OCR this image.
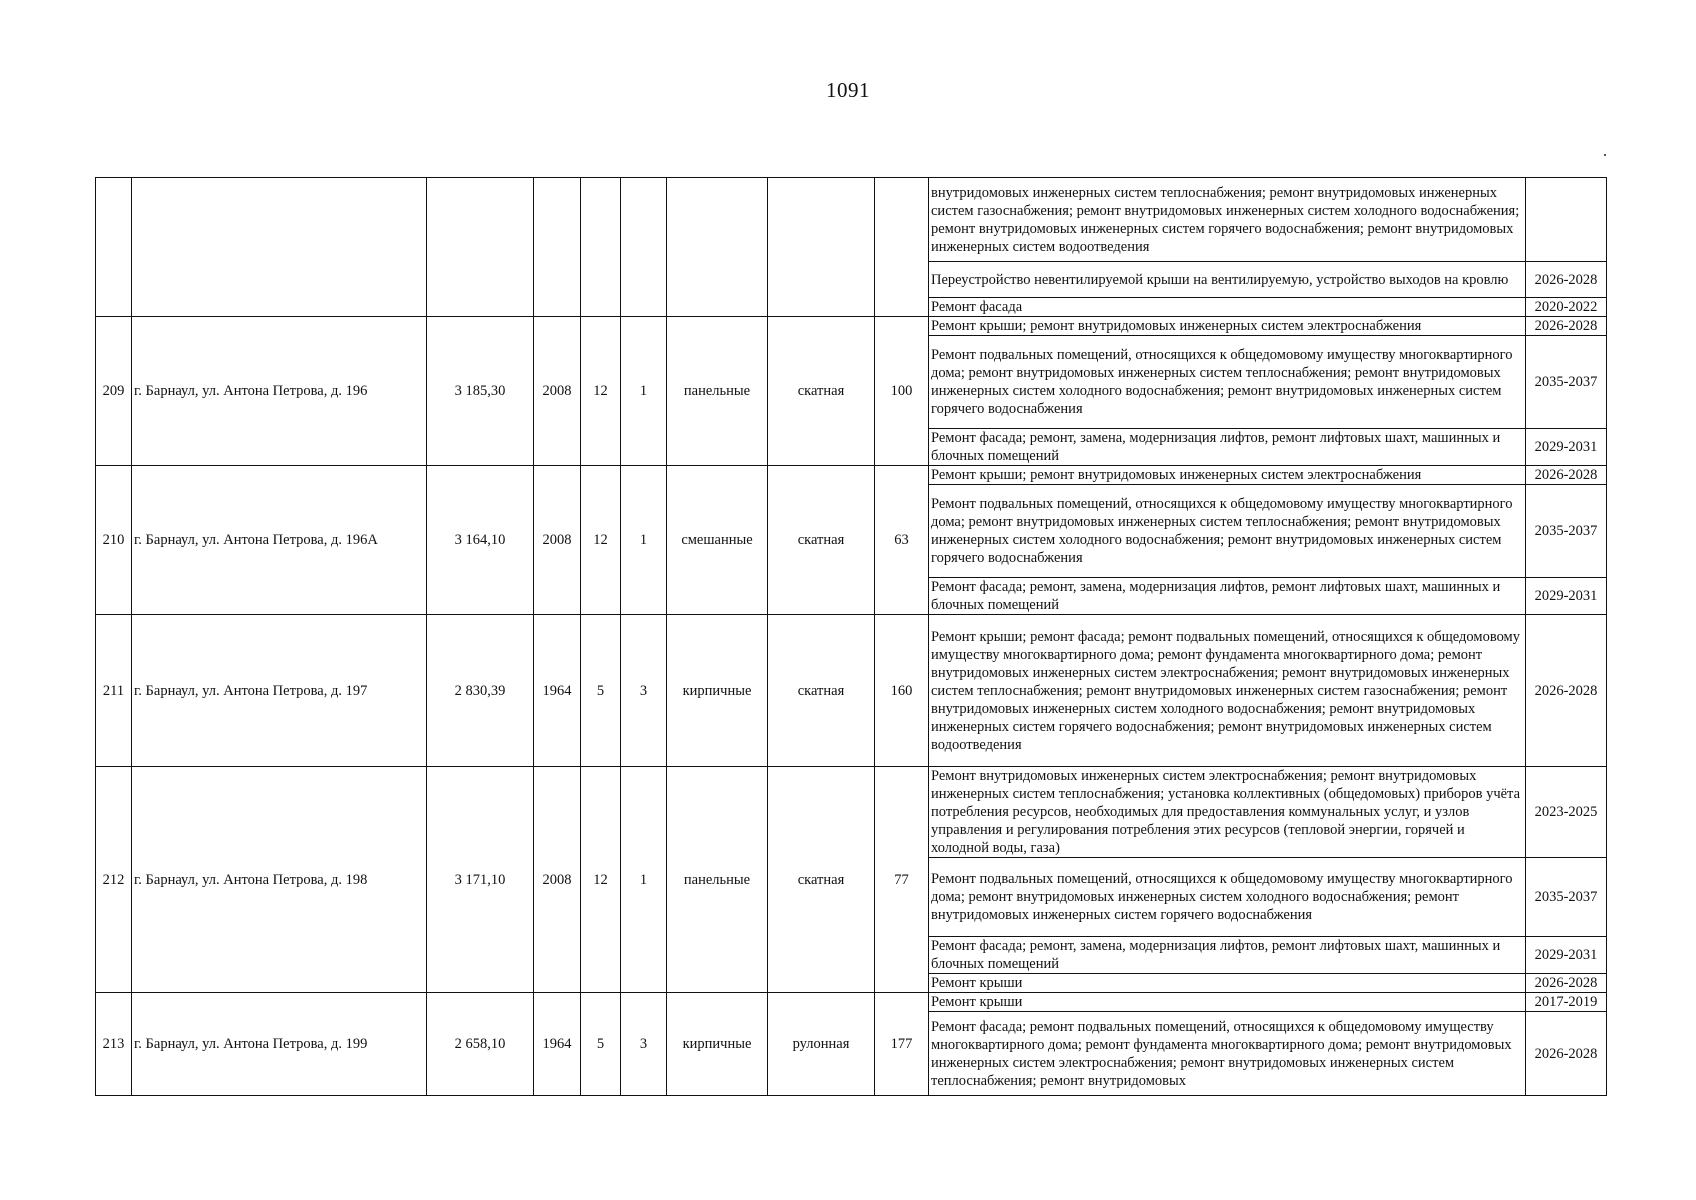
1091
									внутридомовых инженерных систем теплоснабжения; ремонт внутридомовых инженерных систем газоснабжения; ремонт внутридомовых инженерных систем холодного водоснабжения; ремонт внутридомовых инженерных систем горячего водоснабжения; ремонт внутридомовых инженерных систем водоотведения	
									Переустройство невентилируемой крыши на вентилируемую, устройство выходов на кровлю	2026-2028
									Ремонт фасада	2020-2022
209	г. Барнаул, ул. Антона Петрова, д. 196	3 185,30	2008	12	1	панельные	скатная	100	Ремонт крыши; ремонт внутридомовых инженерных систем электроснабжения	2026-2028
									Ремонт подвальных помещений, относящихся к общедомовому имуществу многоквартирного дома; ремонт внутридомовых инженерных систем теплоснабжения; ремонт внутридомовых инженерных систем холодного водоснабжения; ремонт внутридомовых инженерных систем горячего водоснабжения	2035-2037
									Ремонт фасада; ремонт, замена, модернизация лифтов, ремонт лифтовых шахт, машинных и блочных помещений	2029-2031
210	г. Барнаул, ул. Антона Петрова, д. 196А	3 164,10	2008	12	1	смешанные	скатная	63	Ремонт крыши; ремонт внутридомовых инженерных систем электроснабжения	2026-2028
									Ремонт подвальных помещений, относящихся к общедомовому имуществу многоквартирного дома; ремонт внутридомовых инженерных систем теплоснабжения; ремонт внутридомовых инженерных систем холодного водоснабжения; ремонт внутридомовых инженерных систем горячего водоснабжения	2035-2037
									Ремонт фасада; ремонт, замена, модернизация лифтов, ремонт лифтовых шахт, машинных и блочных помещений	2029-2031
211	г. Барнаул, ул. Антона Петрова, д. 197	2 830,39	1964	5	3	кирпичные	скатная	160	Ремонт крыши; ремонт фасада; ремонт подвальных помещений, относящихся к общедомовому имуществу многоквартирного дома; ремонт фундамента многоквартирного дома; ремонт внутридомовых инженерных систем электроснабжения; ремонт внутридомовых инженерных систем теплоснабжения; ремонт внутридомовых инженерных систем газоснабжения; ремонт внутридомовых инженерных систем холодного водоснабжения; ремонт внутридомовых инженерных систем горячего водоснабжения; ремонт внутридомовых инженерных систем водоотведения	2026-2028
212	г. Барнаул, ул. Антона Петрова, д. 198	3 171,10	2008	12	1	панельные	скатная	77	Ремонт внутридомовых инженерных систем электроснабжения; ремонт внутридомовых инженерных систем теплоснабжения; установка коллективных (общедомовых) приборов учёта потребления ресурсов, необходимых для предоставления коммунальных услуг, и узлов управления и регулирования потребления этих ресурсов (тепловой энергии, горячей и холодной воды, газа)	2023-2025
									Ремонт подвальных помещений, относящихся к общедомовому имуществу многоквартирного дома; ремонт внутридомовых инженерных систем холодного водоснабжения; ремонт внутридомовых инженерных систем горячего водоснабжения	2035-2037
									Ремонт фасада; ремонт, замена, модернизация лифтов, ремонт лифтовых шахт, машинных и блочных помещений	2029-2031
									Ремонт крыши	2026-2028
213	г. Барнаул, ул. Антона Петрова, д. 199	2 658,10	1964	5	3	кирпичные	рулонная	177	Ремонт крыши	2017-2019
									Ремонт фасада; ремонт подвальных помещений, относящихся к общедомовому имуществу многоквартирного дома; ремонт фундамента многоквартирного дома; ремонт внутридомовых инженерных систем электроснабжения; ремонт внутридомовых инженерных систем теплоснабжения; ремонт внутридомовых	2026-2028
